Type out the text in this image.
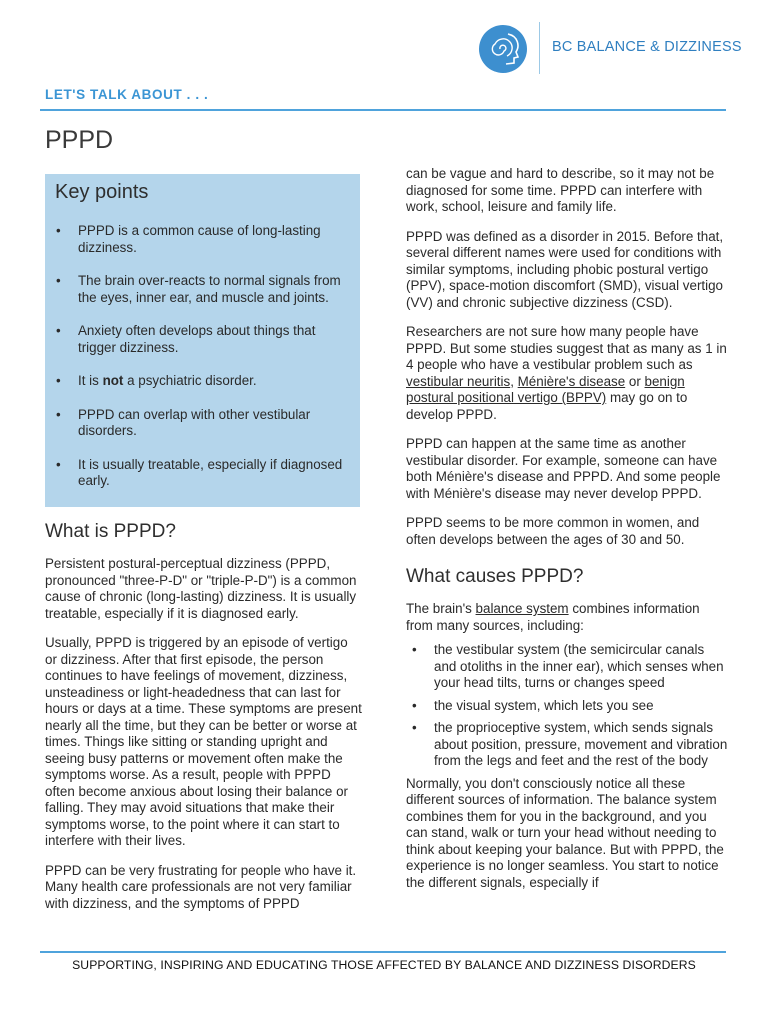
BC BALANCE & DIZZINESS
LET'S TALK ABOUT . . .
PPPD
Key points
• PPPD is a common cause of long-lasting dizziness.
• The brain over-reacts to normal signals from the eyes, inner ear, and muscle and joints.
• Anxiety often develops about things that trigger dizziness.
• It is not a psychiatric disorder.
• PPPD can overlap with other vestibular disorders.
• It is usually treatable, especially if diagnosed early.
What is PPPD?

Persistent postural-perceptual dizziness (PPPD, pronounced "three-P-D" or "triple-P-D") is a common cause of chronic (long-lasting) dizziness. It is usually treatable, especially if it is diagnosed early.

Usually, PPPD is triggered by an episode of vertigo or dizziness. After that first episode, the person continues to have feelings of movement, dizziness, unsteadiness or light-headedness that can last for hours or days at a time. These symptoms are present nearly all the time, but they can be better or worse at times. Things like sitting or standing upright and seeing busy patterns or movement often make the symptoms worse. As a result, people with PPPD often become anxious about losing their balance or falling. They may avoid situations that make their symptoms worse, to the point where it can start to interfere with their lives.

PPPD can be very frustrating for people who have it. Many health care professionals are not very familiar with dizziness, and the symptoms of PPPD

can be vague and hard to describe, so it may not be diagnosed for some time. PPPD can interfere with work, school, leisure and family life.

PPPD was defined as a disorder in 2015. Before that, several different names were used for conditions with similar symptoms, including phobic postural vertigo (PPV), space-motion discomfort (SMD), visual vertigo (VV) and chronic subjective dizziness (CSD).

Researchers are not sure how many people have PPPD. But some studies suggest that as many as 1 in 4 people who have a vestibular problem such as vestibular neuritis, Ménière's disease or benign postural positional vertigo (BPPV) may go on to develop PPPD.

PPPD can happen at the same time as another vestibular disorder. For example, someone can have both Ménière's disease and PPPD. And some people with Ménière's disease may never develop PPPD.

PPPD seems to be more common in women, and often develops between the ages of 30 and 50.

What causes PPPD?

The brain's balance system combines information from many sources, including:

• the vestibular system (the semicircular canals and otoliths in the inner ear), which senses when your head tilts, turns or changes speed
• the visual system, which lets you see
• the proprioceptive system, which sends signals about position, pressure, movement and vibration from the legs and feet and the rest of the body

Normally, you don't consciously notice all these different sources of information. The balance system combines them for you in the background, and you can stand, walk or turn your head without needing to think about keeping your balance. But with PPPD, the experience is no longer seamless. You start to notice the different signals, especially if

SUPPORTING, INSPIRING AND EDUCATING THOSE AFFECTED BY BALANCE AND DIZZINESS DISORDERS
